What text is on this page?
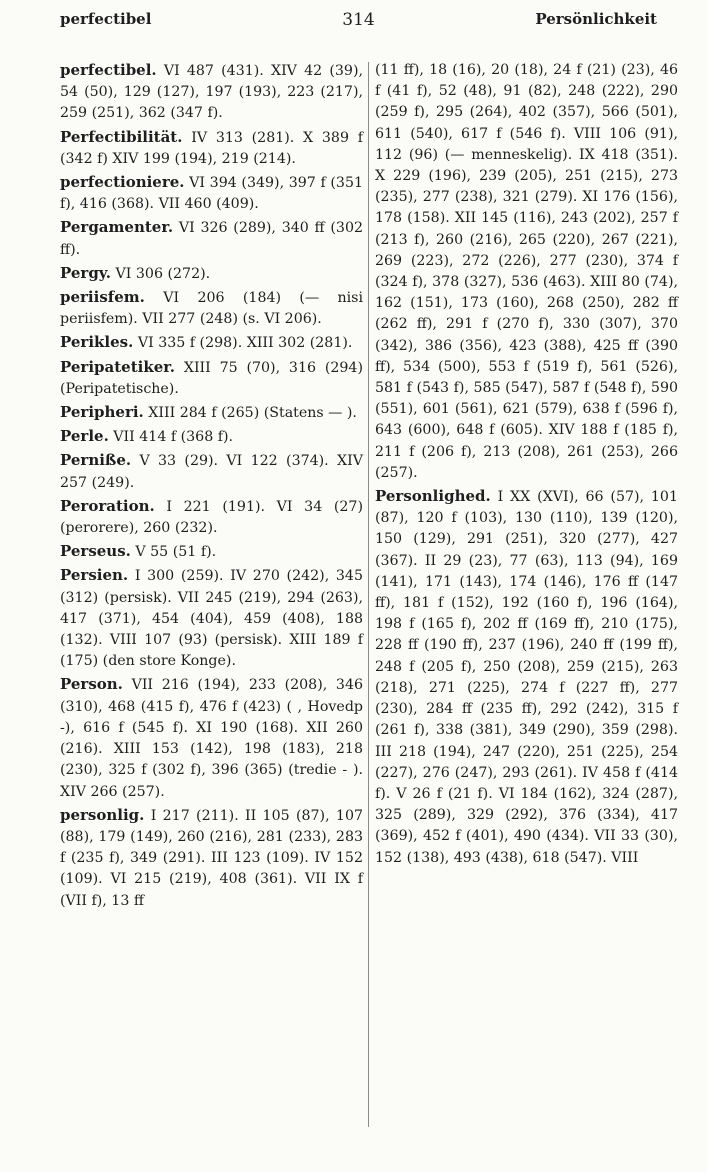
perfectibel	314	Persönlichkeit

perfectibel. VI 487 (431). XIV 42 (39), 54 (50), 129 (127), 197 (193), 223 (217), 259 (251), 362 (347 f).

Perfectibilität. IV 313 (281). X 389 f (342 f) XIV 199 (194), 219 (214).

perfectioniere. VI 394 (349), 397 f (351 f), 416 (368). VII 460 (409).

Pergamenter. VI 326 (289), 340 ff (302 ff).

Pergy. VI 306 (272).

periisfem. VI 206 (184) (— nisi periisfem). VII 277 (248) (s. VI 206).

Perikles. VI 335 f (298). XIII 302 (281).

Peripatetiker. XIII 75 (70), 316 (294) (Peripatetische).

Peripheri. XIII 284 f (265) (Statens — ).

Perle. VII 414 f (368 f).

Perniße. V 33 (29). VI 122 (374). XIV 257 (249).

Peroration. I 221 (191). VI 34 (27) (perorere), 260 (232).

Perseus. V 55 (51 f).

Persien. I 300 (259). IV 270 (242), 345 (312) (persisk). VII 245 (219), 294 (263), 417 (371), 454 (404), 459 (408), 188 (132). VIII 107 (93) (persisk). XIII 189 f (175) (den store Konge).

Person. VII 216 (194), 233 (208), 346 (310), 468 (415 f), 476 f (423) ( , Hovedp -), 616 f (545 f). XI 190 (168). XII 260 (216). XIII 153 (142), 198 (183), 218 (230), 325 f (302 f), 396 (365) (tredie - ). XIV 266 (257).

personlig. I 217 (211). II 105 (87), 107 (88), 179 (149), 260 (216), 281 (233), 283 f (235 f), 349 (291). III 123 (109). IV 152 (109). VI 215 (219), 408 (361). VII IX f (VII f), 13 ff

(11 ff), 18 (16), 20 (18), 24 f (21) (23), 46 f (41 f), 52 (48), 91 (82), 248 (222), 290 (259 f), 295 (264), 402 (357), 566 (501), 611 (540), 617 f (546 f). VIII 106 (91), 112 (96) (— menneskelig). IX 418 (351). X 229 (196), 239 (205), 251 (215), 273 (235), 277 (238), 321 (279). XI 176 (156), 178 (158). XII 145 (116), 243 (202), 257 f (213 f), 260 (216), 265 (220), 267 (221), 269 (223), 272 (226), 277 (230), 374 f (324 f), 378 (327), 536 (463). XIII 80 (74), 162 (151), 173 (160), 268 (250), 282 ff (262 ff), 291 f (270 f), 330 (307), 370 (342), 386 (356), 423 (388), 425 ff (390 ff), 534 (500), 553 f (519 f), 561 (526), 581 f (543 f), 585 (547), 587 f (548 f), 590 (551), 601 (561), 621 (579), 638 f (596 f), 643 (600), 648 f (605). XIV 188 f (185 f), 211 f (206 f), 213 (208), 261 (253), 266 (257).

Personlighed. I XX (XVI), 66 (57), 101 (87), 120 f (103), 130 (110), 139 (120), 150 (129), 291 (251), 320 (277), 427 (367). II 29 (23), 77 (63), 113 (94), 169 (141), 171 (143), 174 (146), 176 ff (147 ff), 181 f (152), 192 (160 f), 196 (164), 198 f (165 f), 202 ff (169 ff), 210 (175), 228 ff (190 ff), 237 (196), 240 ff (199 ff), 248 f (205 f), 250 (208), 259 (215), 263 (218), 271 (225), 274 f (227 ff), 277 (230), 284 ff (235 ff), 292 (242), 315 f (261 f), 338 (381), 349 (290), 359 (298). III 218 (194), 247 (220), 251 (225), 254 (227), 276 (247), 293 (261). IV 458 f (414 f). V 26 f (21 f). VI 184 (162), 324 (287), 325 (289), 329 (292), 376 (334), 417 (369), 452 f (401), 490 (434). VII 33 (30), 152 (138), 493 (438), 618 (547). VIII
